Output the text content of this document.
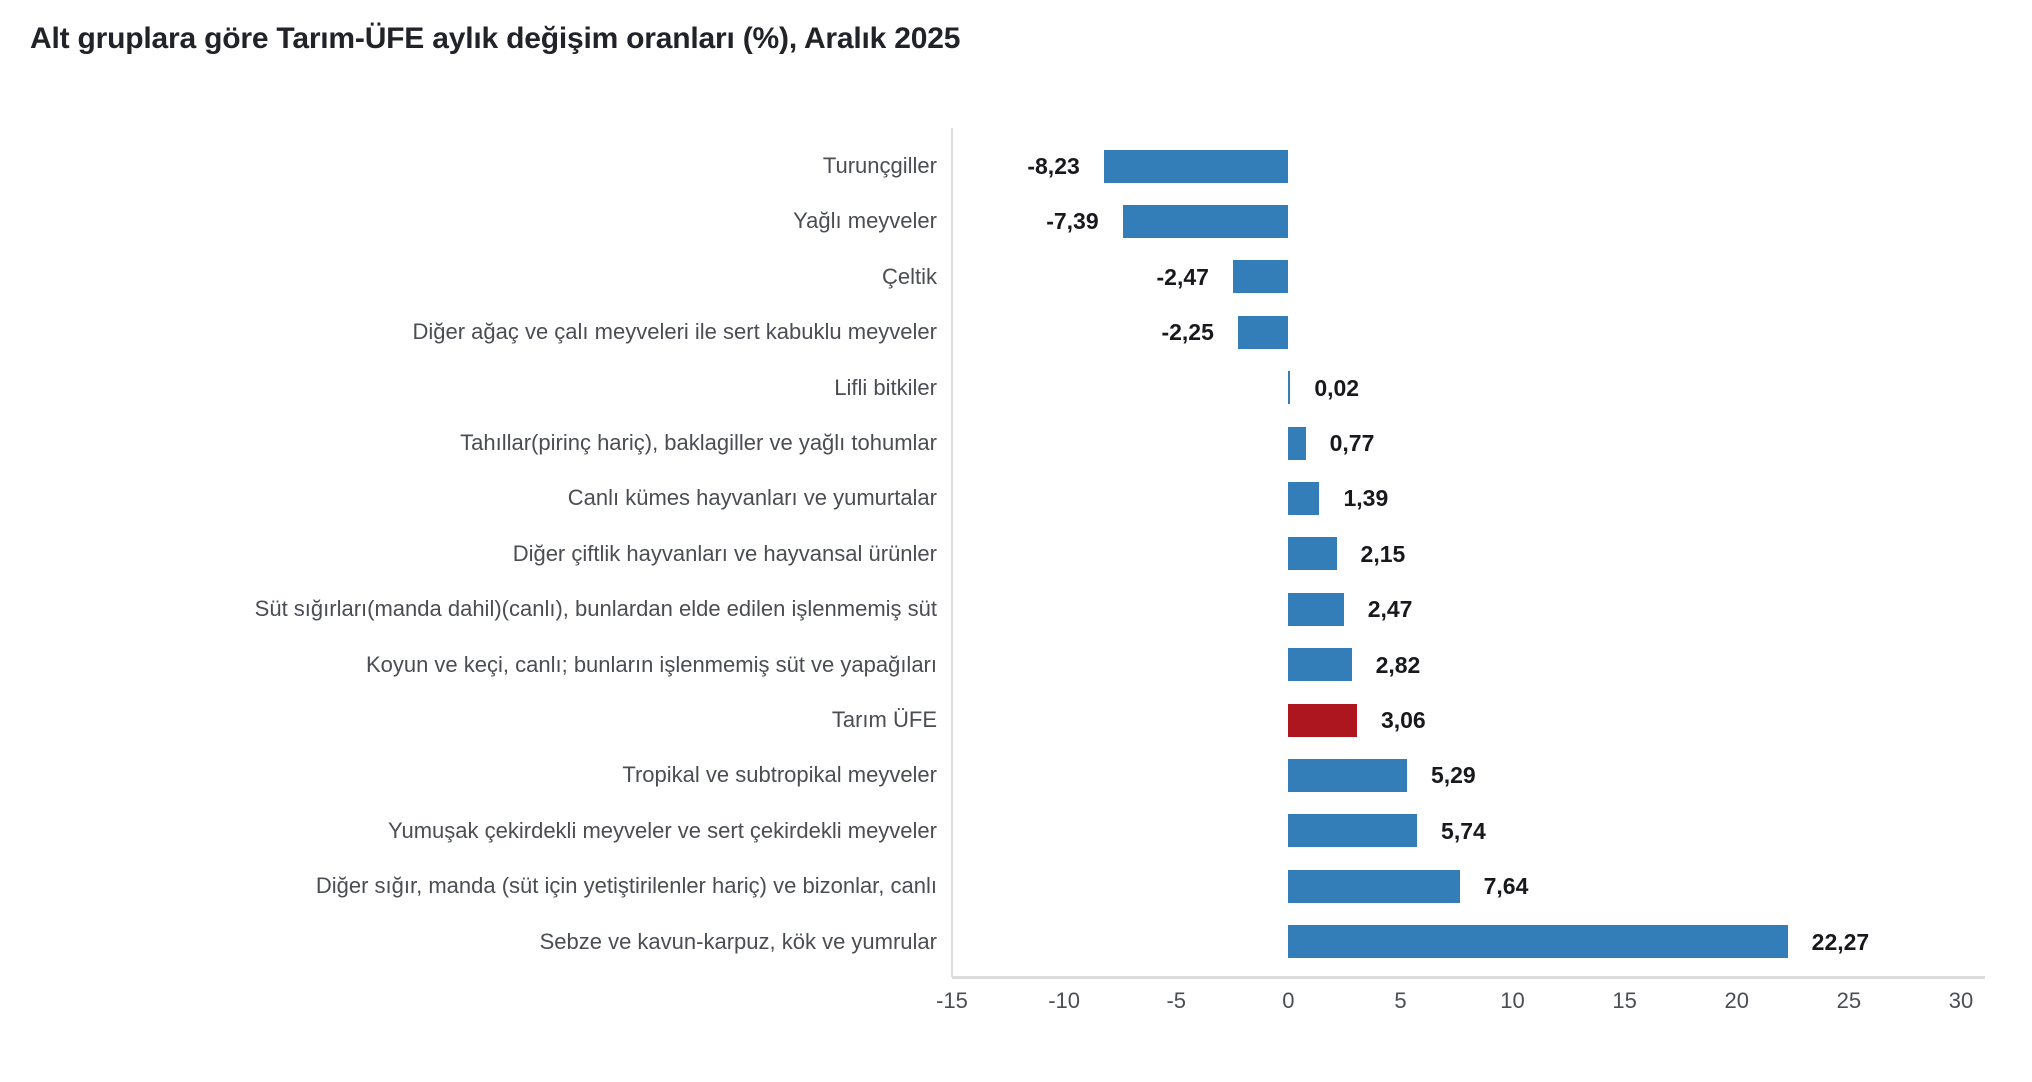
Alt gruplara göre Tarım-ÜFE aylık değişim oranları (%), Aralık 2025
Turunçgiller	-8,23
Yağlı meyveler	-7,39
Çeltik	-2,47
Diğer ağaç ve çalı meyveleri ile sert kabuklu meyveler	-2,25
Lifli bitkiler	0,02
Tahıllar(pirinç hariç), baklagiller ve yağlı tohumlar	0,77
Canlı kümes hayvanları ve yumurtalar	1,39
Diğer çiftlik hayvanları ve hayvansal ürünler	2,15
Süt sığırları(manda dahil)(canlı), bunlardan elde edilen işlenmemiş süt	2,47
Koyun ve keçi, canlı; bunların işlenmemiş süt ve yapağıları	2,82
Tarım ÜFE	3,06
Tropikal ve subtropikal meyveler	5,29
Yumuşak çekirdekli meyveler ve sert çekirdekli meyveler	5,74
Diğer sığır, manda (süt için yetiştirilenler hariç) ve bizonlar, canlı	7,64
Sebze ve kavun-karpuz, kök ve yumrular	22,27
-15	-10	-5	0	5	10	15	20	25	30
